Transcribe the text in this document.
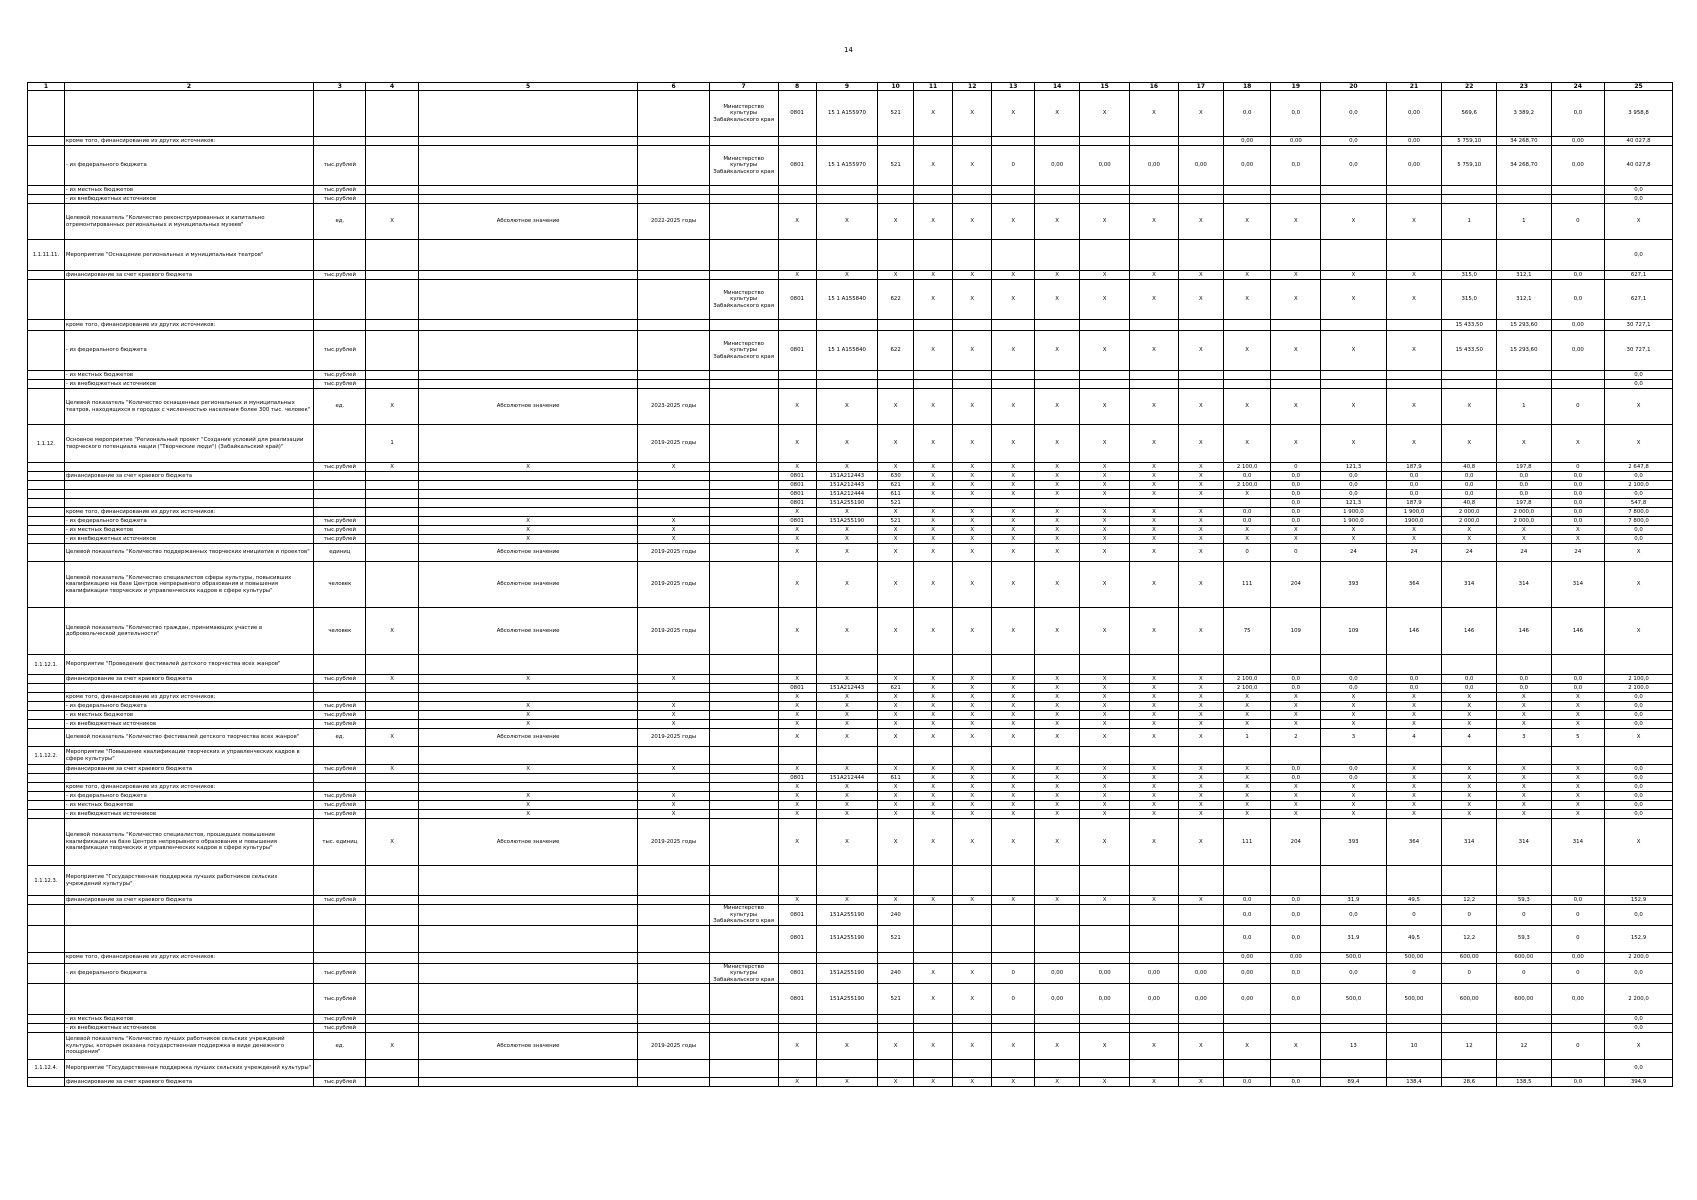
14
1	2	3	4	5	6	7	8	9	10	11	12	13	14	15	16	17	18	19	20	21	22	23	24	25
						Министерство культуры Забайкальского края	0801	15 1 А155970	521	X	X	X	X	X	X	X	0,0	0,0	0,0	0,00	569,6	3 389,2	0,0	3 958,8
	кроме того, финансирование из других источников:																0,00	0,00	0,0	0,00	5 759,10	34 268,70	0,00	40 027,8
	- из федерального бюджета	тыс.рублей				Министерство культуры Забайкальского края	0801	15 1 А155970	521	X	X	0	0,00	0,00	0,00	0,00	0,00	0,0	0,0	0,00	5 759,10	34 268,70	0,00	40 027,8
	- из местных бюджетов	тыс.рублей																						0,0
	- из внебюджетных источников	тыс.рублей																						0,0
	Целевой показатель "Количество реконструированных и капитально отремонтированных региональных и муниципальных музеев"	ед.	X	Абсолютное значение	2022-2025 годы		X	X	X	X	X	X	X	X	X	X	X	X	X	X	1	1	0	X
1.1.11.11.	Мероприятие "Оснащение региональных и муниципальных театров"																							0,0
	финансирование за счет краевого бюджета	тыс.рублей					X	X	X	X	X	X	X	X	X	X	X	X	X	X	315,0	312,1	0,0	627,1
						Министерство культуры Забайкальского края	0801	15 1 А155840	622	X	X	X	X	X	X	X	X	X	X	X	315,0	312,1	0,0	627,1
	кроме того, финансирование из других источников:																				15 433,50	15 293,60	0,00	30 727,1
	- из федерального бюджета	тыс.рублей				Министерство культуры Забайкальского края	0801	15 1 А155840	622	X	X	X	X	X	X	X	X	X	X	X	15 433,50	15 293,60	0,00	30 727,1
	- из местных бюджетов	тыс.рублей																						0,0
	- из внебюджетных источников	тыс.рублей																						0,0
	Целевой показатель "Количество оснащенных региональных и муниципальных театров, находящихся в городах с численностью населения более 300 тыс. человек"	ед.	X	Абсолютное значение	2023-2025 годы		X	X	X	X	X	X	X	X	X	X	X	X	X	X	X	1	0	X
1.1.12.	Основное мероприятие "Региональный проект "Создание условий для реализации творческого потенциала нации ("Творческие люди") (Забайкальский край)"		1		2019-2025 годы		X	X	X	X	X	X	X	X	X	X	X	X	X	X	X	X	X	X
		тыс.рублей	X	X	X		X	X	X	X	X	X	X	X	X	X	2 100,0	0	121,3	187,9	40,8	197,8	0	2 647,8
	финансирование за счет краевого бюджета						0801	151А212443	630	X	X	X	X	X	X	X	0,0	0,0	0,0	0,0	0,0	0,0	0,0	0,0
							0801	151А212443	621	X	X	X	X	X	X	X	2 100,0	0,0	0,0	0,0	0,0	0,0	0,0	2 100,0
							0801	151А212444	611	X	X	X	X	X	X	X	X	0,0	0,0	0,0	0,0	0,0	0,0	0,0
							0801	151А255190	521									0,0	121,3	187,9	40,8	197,8	0,0	547,8
	кроме того, финансирование из других источников:						X	X	X	X	X	X	X	X	X	X	0,0	0,0	1 900,0	1 900,0	2 000,0	2 000,0	0,0	7 800,0
	- из федерального бюджета	тыс.рублей		X	X		0801	151А255190	521	X	X	X	X	X	X	X	0,0	0,0	1 900,0	1900,0	2 000,0	2 000,0	0,0	7 800,0
	- из местных бюджетов	тыс.рублей		X	X		X	X	X	X	X	X	X	X	X	X	X	X	X	X	X	X	X	0,0
	- из внебюджетных источников	тыс.рублей		X	X		X	X	X	X	X	X	X	X	X	X	X	X	X	X	X	X	X	0,0
	Целевой показатель "Количество поддержанных творческих инициатив и проектов"	единиц		Абсолютное значение	2019-2025 годы		X	X	X	X	X	X	X	X	X	X	0	0	24	24	24	24	24	X
	Целевой показатель "Количество специалистов сферы культуры, повысивших квалификацию на базе Центров непрерывного образования и повышения квалификации творческих и управленческих кадров в сфере культуры"	человек		Абсолютное значение	2019-2025 годы		X	X	X	X	X	X	X	X	X	X	111	204	393	364	314	314	314	X
	Целевой показатель "Количество граждан, принимающих участие в добровольческой деятельности"	человек	X	Абсолютное значение	2019-2025 годы		X	X	X	X	X	X	X	X	X	X	75	109	109	146	146	146	146	X
1.1.12.1.	Мероприятие "Проведение фестивалей детского творчества всех жанров"																							
	финансирование за счет краевого бюджета	тыс.рублей	X	X	X		X	X	X	X	X	X	X	X	X	X	2 100,0	0,0	0,0	0,0	0,0	0,0	0,0	2 100,0
							0801	151А212443	621	X	X	X	X	X	X	X	2 100,0	0,0	0,0	0,0	0,0	0,0	0,0	2 100,0
	кроме того, финансирование из других источников:						X	X	X	X	X	X	X	X	X	X	X	X	X	X	X	X	X	0,0
	- из федерального бюджета	тыс.рублей		X	X		X	X	X	X	X	X	X	X	X	X	X	X	X	X	X	X	X	0,0
	- из местных бюджетов	тыс.рублей		X	X		X	X	X	X	X	X	X	X	X	X	X	X	X	X	X	X	X	0,0
	- из внебюджетных источников	тыс.рублей		X	X		X	X	X	X	X	X	X	X	X	X	X	X	X	X	X	X	X	0,0
	Целевой показатель "Количество фестивалей детского творчества всех жанров"	ед.	X	Абсолютное значение	2019-2025 годы		X	X	X	X	X	X	X	X	X	X	1	2	3	4	4	3	5	X
1.1.12.2.	Мероприятие "Повышение квалификации творческих и управленческих кадров в сфере культуры"																							
	финансирование за счет краевого бюджета	тыс.рублей	X	X	X		X	X	X	X	X	X	X	X	X	X	X	0,0	0,0	X	X	X	X	0,0
							0801	151А212444	611	X	X	X	X	X	X	X	X	0,0	0,0	X	X	X	X	0,0
	кроме того, финансирование из других источников:						X	X	X	X	X	X	X	X	X	X	X	X	X	X	X	X	X	0,0
	- из федерального бюджета	тыс.рублей		X	X		X	X	X	X	X	X	X	X	X	X	X	X	X	X	X	X	X	0,0
	- из местных бюджетов	тыс.рублей		X	X		X	X	X	X	X	X	X	X	X	X	X	X	X	X	X	X	X	0,0
	- из внебюджетных источников	тыс.рублей		X	X		X	X	X	X	X	X	X	X	X	X	X	X	X	X	X	X	X	0,0
	Целевой показатель "Количество специалистов, прошедших повышение квалификации на базе Центров непрерывного образования и повышения квалификации творческих и управленческих кадров в сфере культуры"	тыс. единиц	X	Абсолютное значение	2019-2025 годы		X	X	X	X	X	X	X	X	X	X	111	204	393	364	314	314	314	X
1.1.12.3.	Мероприятие "Государственная поддержка лучших работников сельских учреждений культуры"																							
	финансирование за счет краевого бюджета	тыс.рублей					X	X	X	X	X	X	X	X	X	X	0,0	0,0	31,9	49,5	12,2	59,3	0,0	152,9
						Министерство культуры Забайкальского края	0801	151А255190	240								0,0	0,0	0,0	0	0	0	0	0,0
							0801	151А255190	521								0,0	0,0	31,9	49,5	12,2	59,3	0	152,9
	кроме того, финансирование из других источников:																0,00	0,00	500,0	500,00	600,00	600,00	0,00	2 200,0
	- из федерального бюджета	тыс.рублей				Министерство культуры Забайкальского края	0801	151А255190	240	X	X	0	0,00	0,00	0,00	0,00	0,00	0,0	0,0	0	0	0	0	0,0
		тыс.рублей					0801	151А255190	521	X	X	0	0,00	0,00	0,00	0,00	0,00	0,0	500,0	500,00	600,00	600,00	0,00	2 200,0
	- из местных бюджетов	тыс.рублей																						0,0
	- из внебюджетных источников	тыс.рублей																						0,0
	Целевой показатель "Количество лучших работников сельских учреждений культуры, которым оказана государственная поддержка в виде денежного поощрения"	ед.	X	Абсолютное значение	2019-2025 годы		X	X	X	X	X	X	X	X	X	X	X	X	13	10	12	12	0	X
1.1.12.4.	Мероприятие "Государственная поддержка лучших сельских учреждений культуры"																							0,0
	финансирование за счет краевого бюджета	тыс.рублей					X	X	X	X	X	X	X	X	X	X	0,0	0,0	89,4	138,4	28,6	138,5	0,0	394,9
